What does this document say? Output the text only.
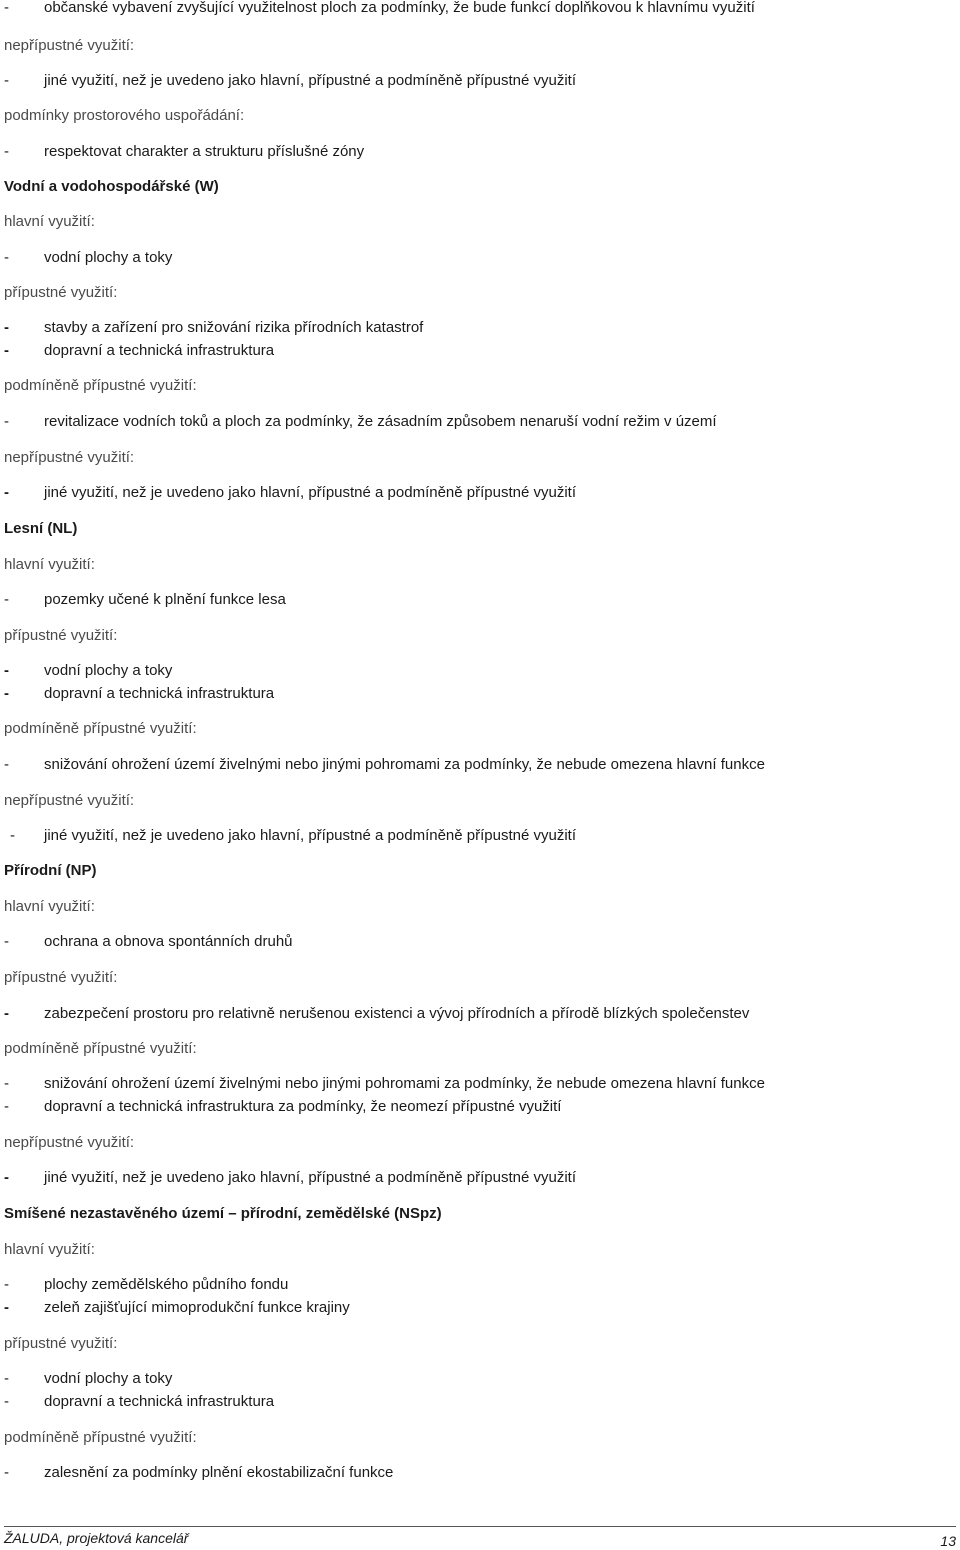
- občanské vybavení zvyšující využitelnost ploch za podmínky, že bude funkcí doplňkovou k hlavnímu využití
nepřípustné využití:
- jiné využití, než je uvedeno jako hlavní, přípustné a podmíněně přípustné využití
podmínky prostorového uspořádání:
- respektovat charakter a strukturu příslušné zóny
Vodní a vodohospodářské (W)
hlavní využití:
- vodní plochy a toky
přípustné využití:
- stavby a zařízení pro snižování rizika přírodních katastrof
- dopravní a technická infrastruktura
podmíněně přípustné využití:
- revitalizace vodních toků a ploch za podmínky, že zásadním způsobem nenaruší vodní režim v území
nepřípustné využití:
- jiné využití, než je uvedeno jako hlavní, přípustné a podmíněně přípustné využití
Lesní (NL)
hlavní využití:
- pozemky učené k plnění funkce lesa
přípustné využití:
- vodní plochy a toky
- dopravní a technická infrastruktura
podmíněně přípustné využití:
- snižování ohrožení území živelnými nebo jinými pohromami za podmínky, že nebude omezena hlavní funkce
nepřípustné využití:
- jiné využití, než je uvedeno jako hlavní, přípustné a podmíněně přípustné využití
Přírodní (NP)
hlavní využití:
- ochrana a obnova spontánních druhů
přípustné využití:
- zabezpečení prostoru pro relativně nerušenou existenci a vývoj přírodních a přírodě blízkých společenstev
podmíněně přípustné využití:
- snižování ohrožení území živelnými nebo jinými pohromami za podmínky, že nebude omezena hlavní funkce
- dopravní a technická infrastruktura za podmínky, že neomezí přípustné využití
nepřípustné využití:
- jiné využití, než je uvedeno jako hlavní, přípustné a podmíněně přípustné využití
Smíšené nezastavěného území – přírodní, zemědělské (NSpz)
hlavní využití:
- plochy zemědělského půdního fondu
- zeleň zajišťující mimoprodukční funkce krajiny
přípustné využití:
- vodní plochy a toky
- dopravní a technická infrastruktura
podmíněně přípustné využití:
- zalesnění za podmínky plnění ekostabilizační funkce
ŽALUDA, projektová kancelář	13
